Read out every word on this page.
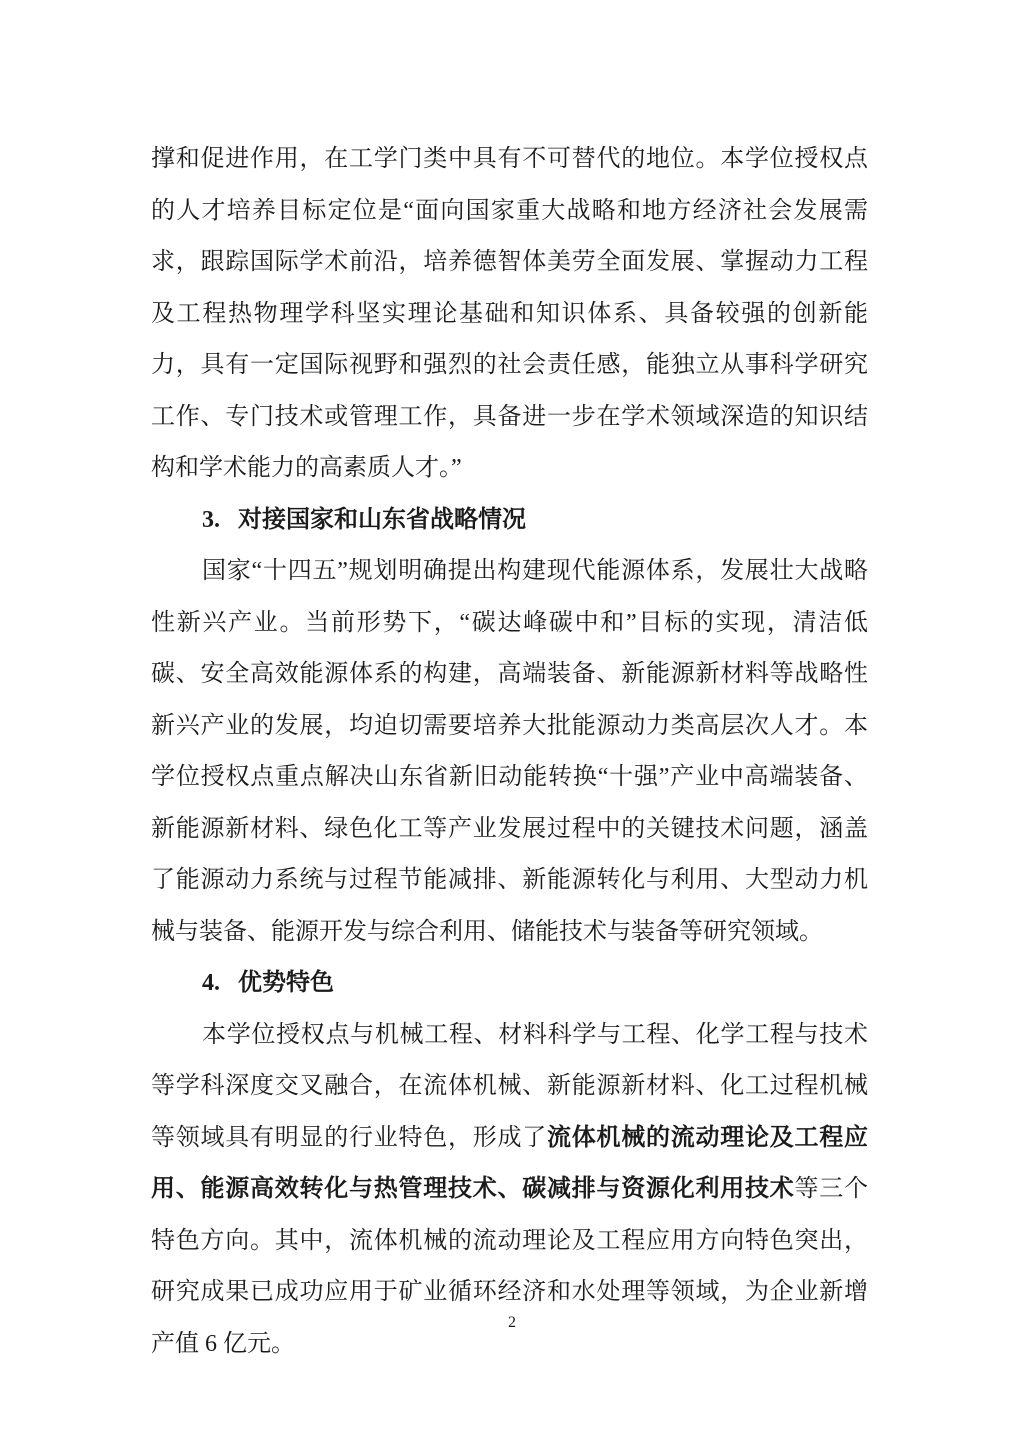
撑和促进作用，在工学门类中具有不可替代的地位。本学位授权点的人才培养目标定位是“面向国家重大战略和地方经济社会发展需求，跟踪国际学术前沿，培养德智体美劳全面发展、掌握动力工程及工程热物理学科坚实理论基础和知识体系、具备较强的创新能力，具有一定国际视野和强烈的社会责任感，能独立从事科学研究工作、专门技术或管理工作，具备进一步在学术领域深造的知识结构和学术能力的高素质人才。”
3. 对接国家和山东省战略情况
国家“十四五”规划明确提出构建现代能源体系，发展壮大战略性新兴产业。当前形势下，“碳达峰碳中和”目标的实现，清洁低碳、安全高效能源体系的构建，高端装备、新能源新材料等战略性新兴产业的发展，均迫切需要培养大批能源动力类高层次人才。本学位授权点重点解决山东省新旧动能转换“十强”产业中高端装备、新能源新材料、绿色化工等产业发展过程中的关键技术问题，涵盖了能源动力系统与过程节能减排、新能源转化与利用、大型动力机械与装备、能源开发与综合利用、储能技术与装备等研究领域。
4. 优势特色
本学位授权点与机械工程、材料科学与工程、化学工程与技术等学科深度交叉融合，在流体机械、新能源新材料、化工过程机械等领域具有明显的行业特色，形成了流体机械的流动理论及工程应用、能源高效转化与热管理技术、碳减排与资源化利用技术等三个特色方向。其中，流体机械的流动理论及工程应用方向特色突出，研究成果已成功应用于矿业循环经济和水处理等领域，为企业新增产值 6 亿元。
2
